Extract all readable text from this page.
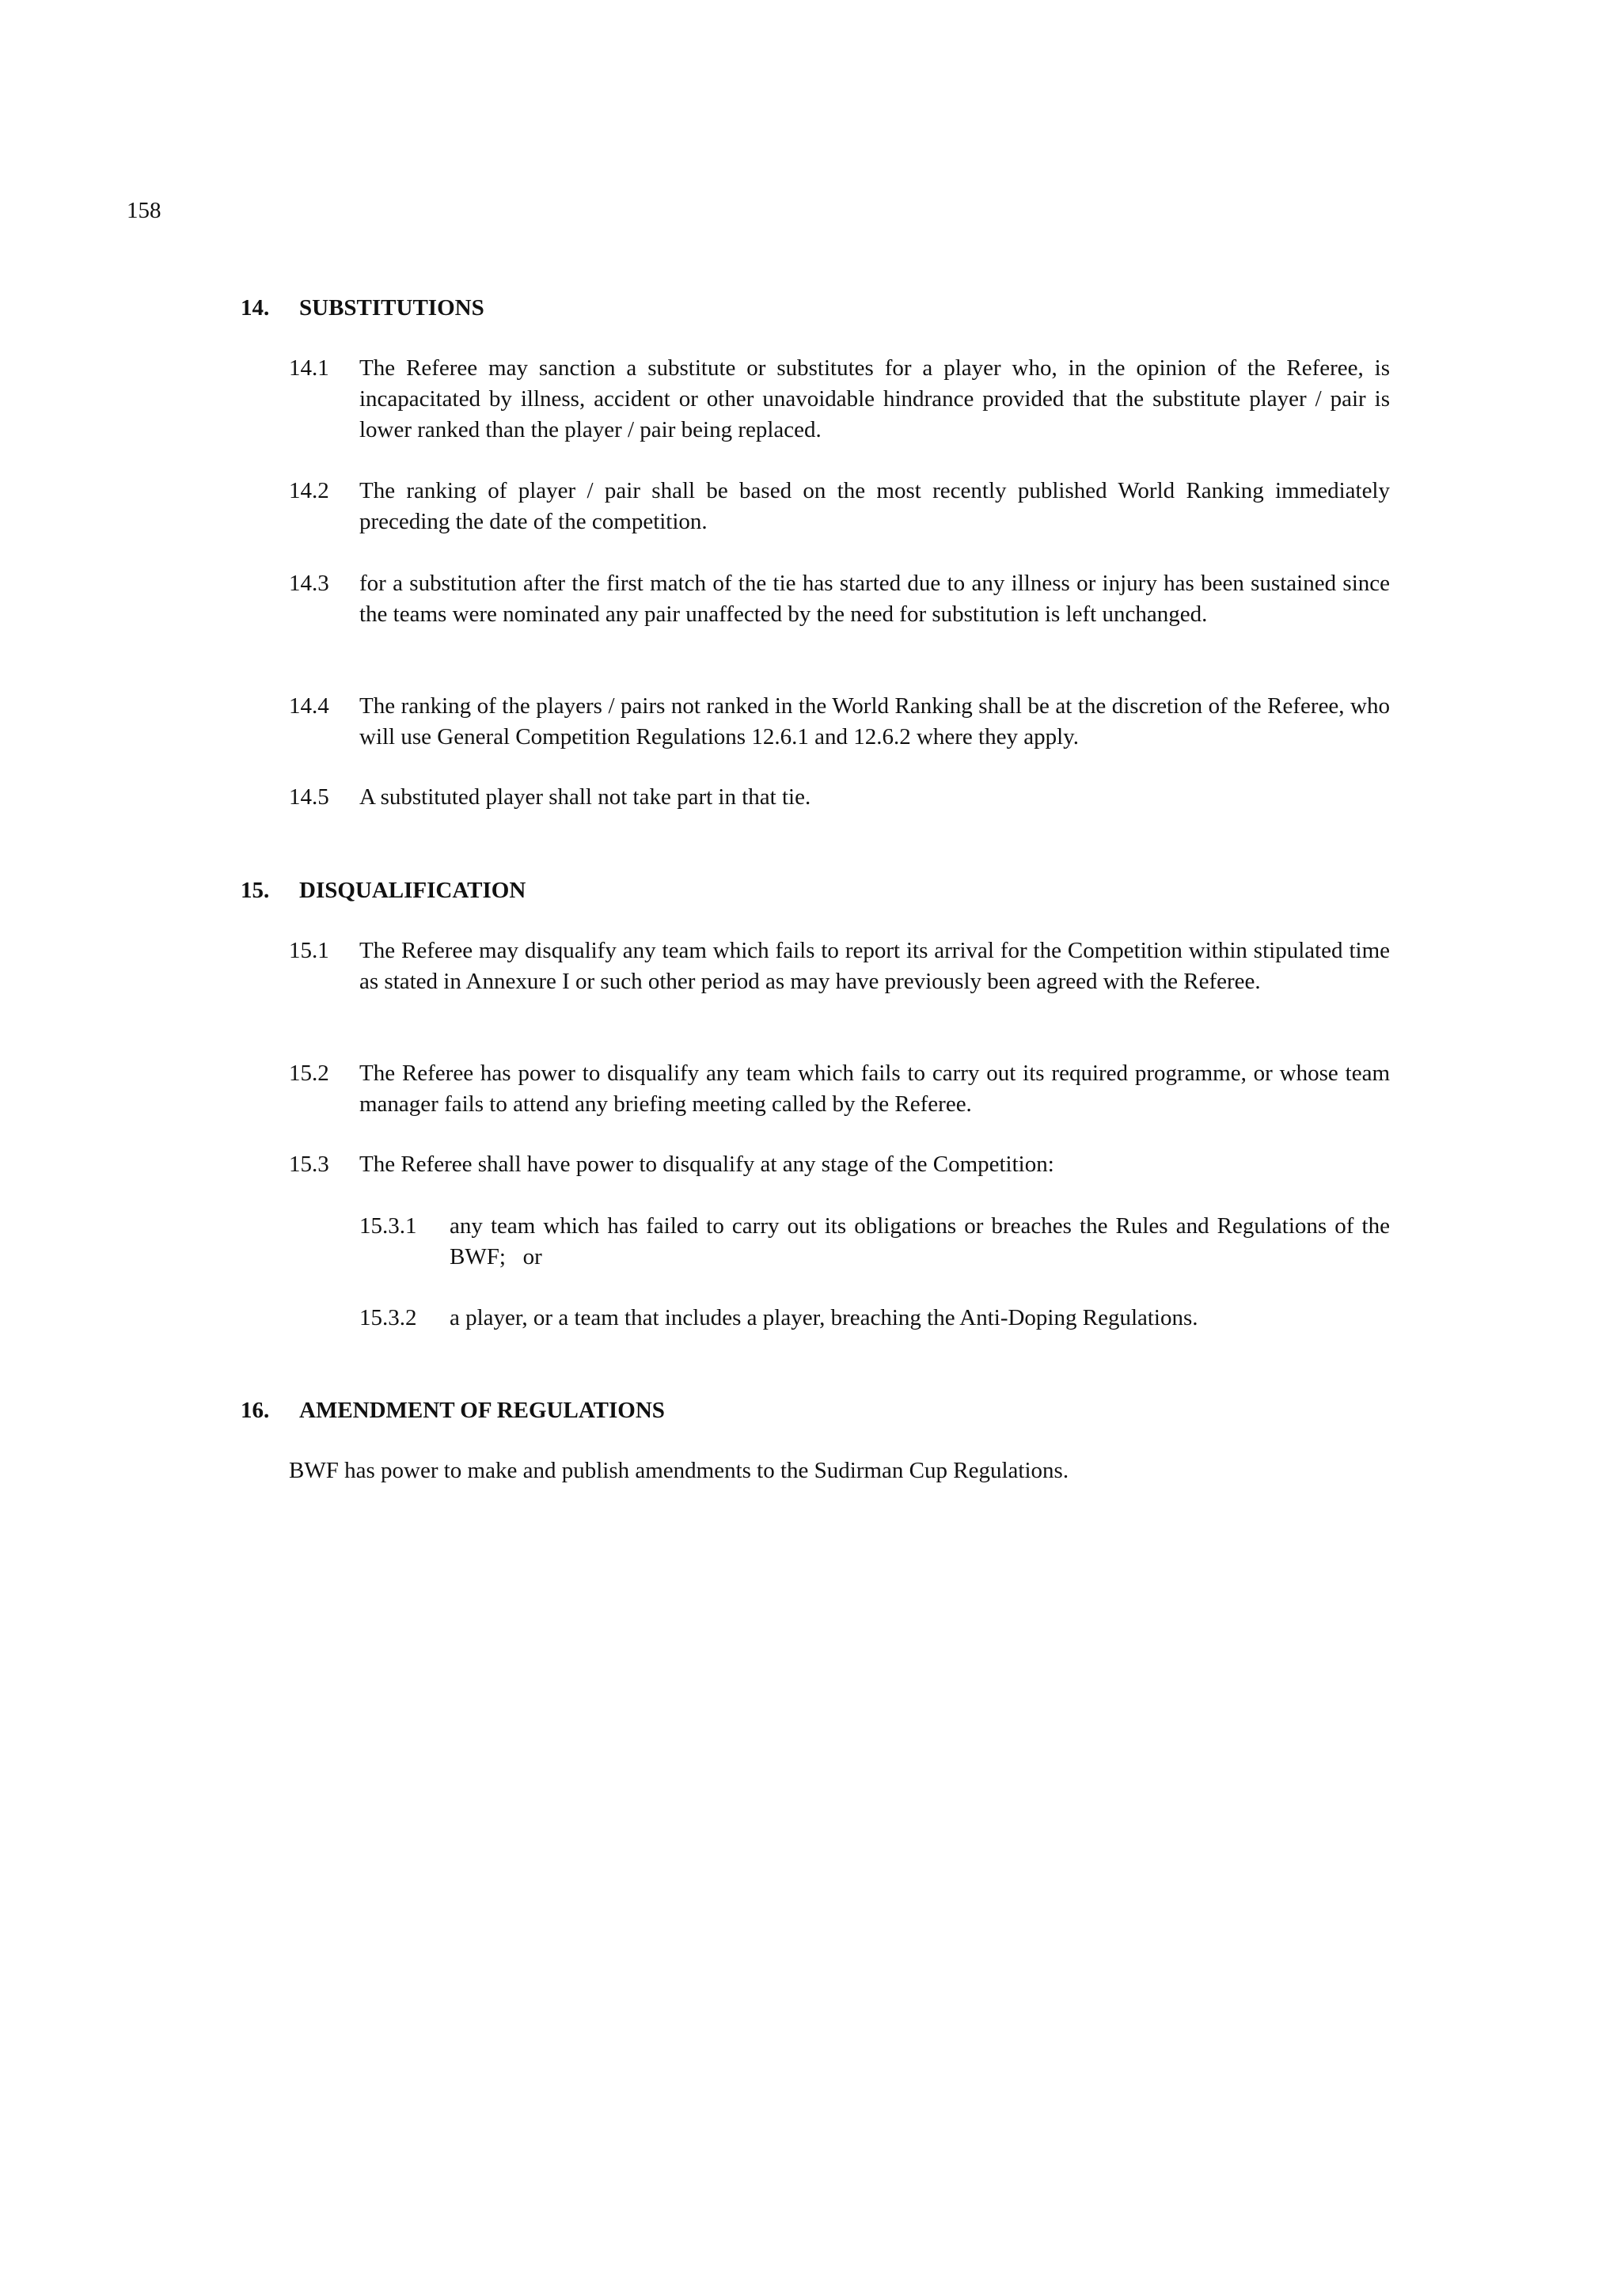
158
14. SUBSTITUTIONS
14.1	The Referee may sanction a substitute or substitutes for a player who, in the opinion of the Referee, is incapacitated by illness, accident or other unavoidable hindrance provided that the substitute player / pair is lower ranked than the player / pair being replaced.
14.2	The ranking of player / pair shall be based on the most recently published World Ranking immediately preceding the date of the competition.
14.3	for a substitution after the first match of the tie has started due to any illness or injury has been sustained since the teams were nominated any pair unaffected by the need for substitution is left unchanged.
14.4	The ranking of the players / pairs not ranked in the World Ranking shall be at the discretion of the Referee, who will use General Competition Regulations 12.6.1 and 12.6.2 where they apply.
14.5	A substituted player shall not take part in that tie.
15. DISQUALIFICATION
15.1	The Referee may disqualify any team which fails to report its arrival for the Competition within stipulated time as stated in Annexure I or such other period as may have previously been agreed with the Referee.
15.2	The Referee has power to disqualify any team which fails to carry out its required programme, or whose team manager fails to attend any briefing meeting called by the Referee.
15.3	The Referee shall have power to disqualify at any stage of the Competition:
15.3.1	any team which has failed to carry out its obligations or breaches the Rules and Regulations of the BWF;   or
15.3.2	a player, or a team that includes a player, breaching the Anti-Doping Regulations.
16. AMENDMENT OF REGULATIONS
BWF has power to make and publish amendments to the Sudirman Cup Regulations.
